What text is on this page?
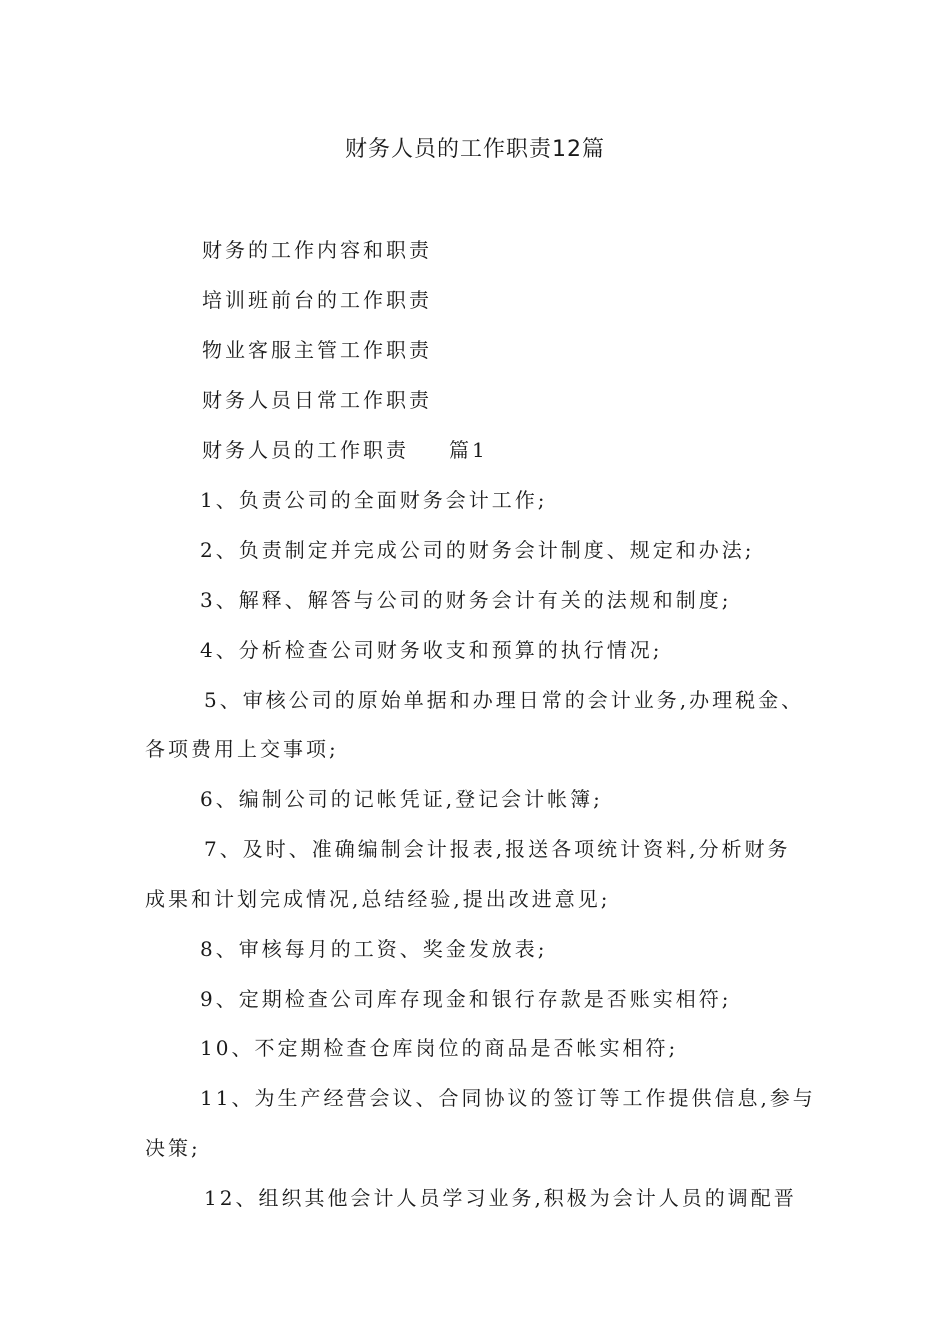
财务人员的工作职责12篇
财务的工作内容和职责
培训班前台的工作职责
物业客服主管工作职责
财务人员日常工作职责
财务人员的工作职责 篇1
1、负责公司的全面财务会计工作;
2、负责制定并完成公司的财务会计制度、规定和办法;
3、解释、解答与公司的财务会计有关的法规和制度;
4、分析检查公司财务收支和预算的执行情况;
5、审核公司的原始单据和办理日常的会计业务,办理税金、
各项费用上交事项;
6、编制公司的记帐凭证,登记会计帐簿;
7、及时、准确编制会计报表,报送各项统计资料,分析财务
成果和计划完成情况,总结经验,提出改进意见;
8、审核每月的工资、奖金发放表;
9、定期检查公司库存现金和银行存款是否账实相符;
10、不定期检查仓库岗位的商品是否帐实相符;
11、为生产经营会议、合同协议的签订等工作提供信息,参与
决策;
12、组织其他会计人员学习业务,积极为会计人员的调配晋
